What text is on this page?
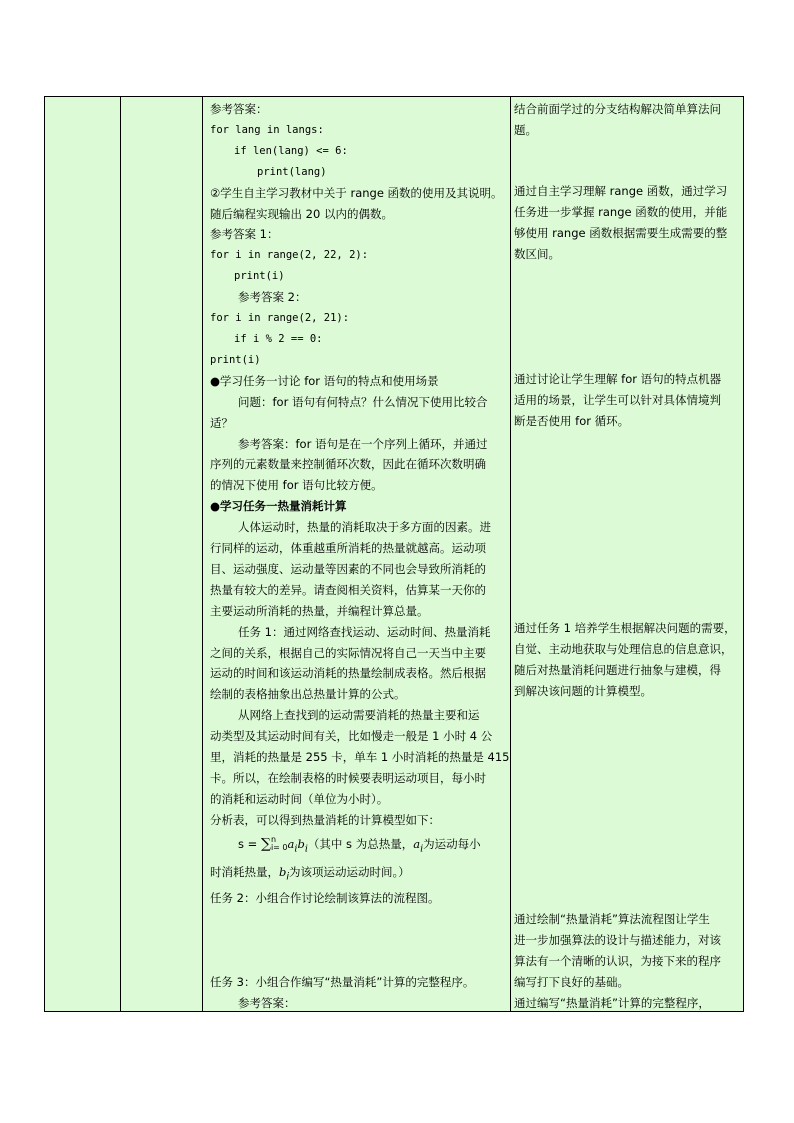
参考答案：
for lang in langs:
if len(lang) <= 6:
print(lang)
②学生自主学习教材中关于 range 函数的使用及其说明。
随后编程实现输出 20 以内的偶数。
参考答案 1：
for i in range(2, 22, 2):
print(i)
参考答案 2：
for i in range(2, 21):
if i % 2 == 0:
print(i)
●学习任务一讨论 for 语句的特点和使用场景
问题：for 语句有何特点？什么情况下使用比较合
适？
参考答案：for 语句是在一个序列上循环，并通过
序列的元素数量来控制循环次数，因此在循环次数明确
的情况下使用 for 语句比较方便。
●学习任务一热量消耗计算
人体运动时，热量的消耗取决于多方面的因素。进
行同样的运动，体重越重所消耗的热量就越高。运动项
目、运动强度、运动量等因素的不同也会导致所消耗的
热量有较大的差异。请查阅相关资料，估算某一天你的
主要运动所消耗的热量，并编程计算总量。
任务 1：通过网络查找运动、运动时间、热量消耗
之间的关系，根据自己的实际情况将自己一天当中主要
运动的时间和该运动消耗的热量绘制成表格。然后根据
绘制的表格抽象出总热量计算的公式。
从网络上查找到的运动需要消耗的热量主要和运
动类型及其运动时间有关，比如慢走一般是 1 小时 4 公
里，消耗的热量是 255 卡，单车 1 小时消耗的热量是 415
卡。所以，在绘制表格的时候要表明运动项目，每小时
的消耗和运动时间（单位为小时）。
分析表，可以得到热量消耗的计算模型如下：
s = ∑n
$i= 0a_ib_i$（其中 s 为总热量，$a_i$为运动每小
时消耗热量，$b_i$为该项运动运动时间。）
任务 2：小组合作讨论绘制该算法的流程图。
任务 3：小组合作编写“热量消耗”计算的完整程序。
参考答案：
结合前面学过的分支结构解决简单算法问
题。
通过自主学习理解 range 函数，通过学习
任务进一步掌握 range 函数的使用，并能
够使用 range 函数根据需要生成需要的整
数区间。
通过讨论让学生理解 for 语句的特点机器
适用的场景，让学生可以针对具体情境判
断是否使用 for 循环。
通过任务 1 培养学生根据解决问题的需要，
自觉、主动地获取与处理信息的信息意识，
随后对热量消耗问题进行抽象与建模，得
到解决该问题的计算模型。
通过绘制“热量消耗”算法流程图让学生
进一步加强算法的设计与描述能力，对该
算法有一个清晰的认识，为接下来的程序
编写打下良好的基础。
通过编写“热量消耗”计算的完整程序，
